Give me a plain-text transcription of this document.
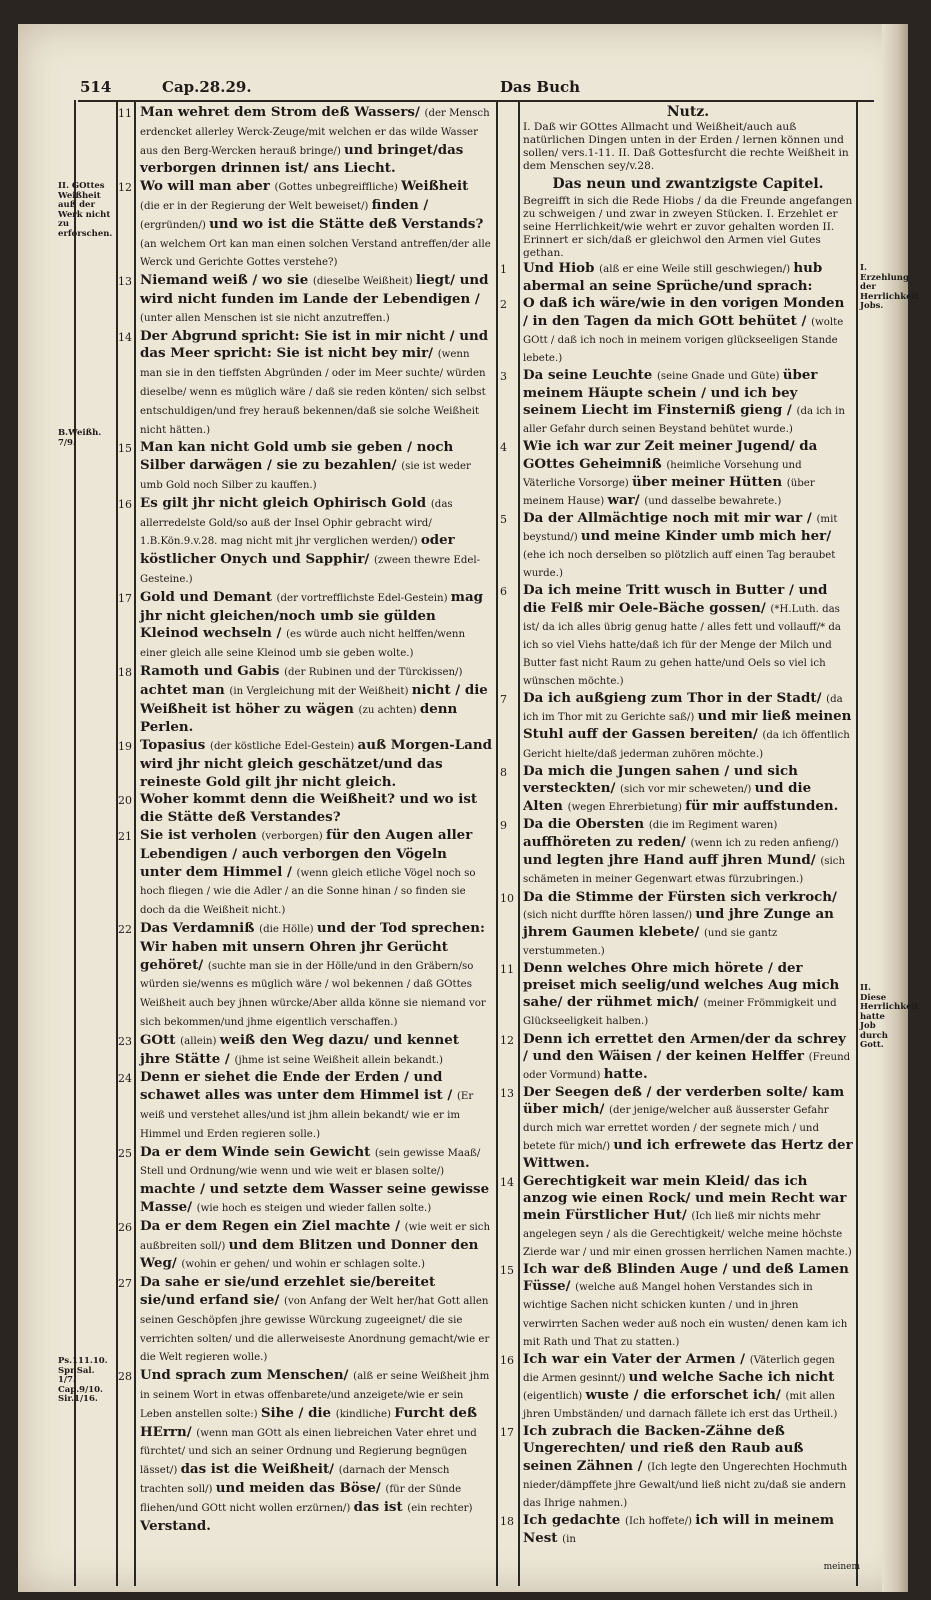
514	Cap.28.29.	Das Buch
II. GOttes Weißheit auß der Werk nicht zu erforschen.
B.Weißh. 7/9.
Ps.111.10. Spr.Sal. 1/7. Cap.9/10. Sir.1/16.
I. Erzehlung der Herrlichkeit Jobs.
II. Diese Herrlichkeit hatte Job durch Gott.
11
12
13
14
15
16
17
18
19
20
21
22
23
24
25
26
27
28
1
2
3
4
5
6
7
8
9
10
11
12
13
14
15
16
17
18

Man wehret dem Strom deß Wassers/ (der Mensch erdencket allerley Werck-Zeuge/mit welchen er das wilde Wasser aus den Berg-Wercken herauß bringe/) und bringet/das verborgen drinnen ist/ ans Liecht.

Wo will man aber (Gottes unbegreiffliche) Weißheit (die er in der Regierung der Welt beweiset/) finden / (ergründen/) und wo ist die Stätte deß Verstands? (an welchem Ort kan man einen solchen Verstand antreffen/der alle Werck und Gerichte Gottes verstehe?)

Niemand weiß / wo sie (dieselbe Weißheit) liegt/ und wird nicht funden im Lande der Lebendigen / (unter allen Menschen ist sie nicht anzutreffen.)

Der Abgrund spricht: Sie ist in mir nicht / und das Meer spricht: Sie ist nicht bey mir/ (wenn man sie in den tieffsten Abgründen / oder im Meer suchte/ würden dieselbe/ wenn es müglich wäre / daß sie reden könten/ sich selbst entschuldigen/und frey herauß bekennen/daß sie solche Weißheit nicht hätten.)

Man kan nicht Gold umb sie geben / noch Silber darwägen / sie zu bezahlen/ (sie ist weder umb Gold noch Silber zu kauffen.)

Es gilt jhr nicht gleich Ophirisch Gold (das allerredelste Gold/so auß der Insel Ophir gebracht wird/ 1.B.Kön.9.v.28. mag nicht mit jhr verglichen werden/) oder köstlicher Onych und Sapphir/ (zween thewre Edel-Gesteine.)

Gold und Demant (der vortrefflichste Edel-Gestein) mag jhr nicht gleichen/noch umb sie gülden Kleinod wechseln / (es würde auch nicht helffen/wenn einer gleich alle seine Kleinod umb sie geben wolte.)

Ramoth und Gabis (der Rubinen und der Türckissen/) achtet man (in Vergleichung mit der Weißheit) nicht / die Weißheit ist höher zu wägen (zu achten) denn Perlen.

Topasius (der köstliche Edel-Gestein) auß Morgen-Land wird jhr nicht gleich geschätzet/und das reineste Gold gilt jhr nicht gleich.

Woher kommt denn die Weißheit? und wo ist die Stätte deß Verstandes?

Sie ist verholen (verborgen) für den Augen aller Lebendigen / auch verborgen den Vögeln unter dem Himmel / (wenn gleich etliche Vögel noch so hoch fliegen / wie die Adler / an die Sonne hinan / so finden sie doch da die Weißheit nicht.)

Das Verdamniß (die Hölle) und der Tod sprechen: Wir haben mit unsern Ohren jhr Gerücht gehöret/ (suchte man sie in der Hölle/und in den Gräbern/so würden sie/wenns es müglich wäre / wol bekennen / daß GOttes Weißheit auch bey jhnen würcke/Aber allda könne sie niemand vor sich bekommen/und jhme eigentlich verschaffen.)

GOtt (allein) weiß den Weg dazu/ und kennet jhre Stätte / (jhme ist seine Weißheit allein bekandt.)

Denn er siehet die Ende der Erden / und schawet alles was unter dem Himmel ist / (Er weiß und verstehet alles/und ist jhm allein bekandt/ wie er im Himmel und Erden regieren solle.)

Da er dem Winde sein Gewicht (sein gewisse Maaß/ Stell und Ordnung/wie wenn und wie weit er blasen solte/) machte / und setzte dem Wasser seine gewisse Masse/ (wie hoch es steigen und wieder fallen solte.)

Da er dem Regen ein Ziel machte / (wie weit er sich außbreiten soll/) und dem Blitzen und Donner den Weg/ (wohin er gehen/ und wohin er schlagen solte.)

Da sahe er sie/und erzehlet sie/bereitet sie/und erfand sie/ (von Anfang der Welt her/hat Gott allen seinen Geschöpfen jhre gewisse Würckung zugeeignet/ die sie verrichten solten/ und die allerweiseste Anordnung gemacht/wie er die Welt regieren wolle.)

Und sprach zum Menschen/ (alß er seine Weißheit jhm in seinem Wort in etwas offenbarete/und anzeigete/wie er sein Leben anstellen solte:) Sihe / die (kindliche) Furcht deß HErrn/ (wenn man GOtt als einen liebreichen Vater ehret und fürchtet/ und sich an seiner Ordnung und Regierung begnügen lässet/) das ist die Weißheit/ (darnach der Mensch trachten soll/) und meiden das Böse/ (für der Sünde fliehen/und GOtt nicht wollen erzürnen/) das ist (ein rechter) Verstand.

Nutz.

I. Daß wir GOttes Allmacht und Weißheit/auch auß natürlichen Dingen unten in der Erden / lernen können und sollen/ vers.1-11. II. Daß Gottesfurcht die rechte Weißheit in dem Menschen sey/v.28.

Das neun und zwantzigste Capitel.

Begreifft in sich die Rede Hiobs / da die Freunde angefangen zu schweigen / und zwar in zweyen Stücken. I. Erzehlet er seine Herrlichkeit/wie wehrt er zuvor gehalten worden II. Erinnert er sich/daß er gleichwol den Armen viel Gutes gethan.

Und Hiob (alß er eine Weile still geschwiegen/) hub abermal an seine Sprüche/und sprach:

O daß ich wäre/wie in den vorigen Monden / in den Tagen da mich GOtt behütet / (wolte GOtt / daß ich noch in meinem vorigen glückseeligen Stande lebete.)

Da seine Leuchte (seine Gnade und Güte) über meinem Häupte schein / und ich bey seinem Liecht im Finsterniß gieng / (da ich in aller Gefahr durch seinen Beystand behütet wurde.)

Wie ich war zur Zeit meiner Jugend/ da GOttes Geheimniß (heimliche Vorsehung und Väterliche Vorsorge) über meiner Hütten (über meinem Hause) war/ (und dasselbe bewahrete.)

Da der Allmächtige noch mit mir war / (mit beystund/) und meine Kinder umb mich her/ (ehe ich noch derselben so plötzlich auff einen Tag beraubet wurde.)

Da ich meine Tritt wusch in Butter / und die Felß mir Oele-Bäche gossen/ (*H.Luth. das ist/ da ich alles übrig genug hatte / alles fett und vollauff/* da ich so viel Viehs hatte/daß ich für der Menge der Milch und Butter fast nicht Raum zu gehen hatte/und Oels so viel ich wünschen möchte.)

Da ich außgieng zum Thor in der Stadt/ (da ich im Thor mit zu Gerichte saß/) und mir ließ meinen Stuhl auff der Gassen bereiten/ (da ich öffentlich Gericht hielte/daß jederman zuhören möchte.)

Da mich die Jungen sahen / und sich versteckten/ (sich vor mir scheweten/) und die Alten (wegen Ehrerbietung) für mir auffstunden.

Da die Obersten (die im Regiment waren) auffhöreten zu reden/ (wenn ich zu reden anfieng/) und legten jhre Hand auff jhren Mund/ (sich schämeten in meiner Gegenwart etwas fürzubringen.)

Da die Stimme der Fürsten sich verkroch/ (sich nicht durffte hören lassen/) und jhre Zunge an jhrem Gaumen klebete/ (und sie gantz verstummeten.)

Denn welches Ohre mich hörete / der preiset mich seelig/und welches Aug mich sahe/ der rühmet mich/ (meiner Frömmigkeit und Glückseeligkeit halben.)

Denn ich errettet den Armen/der da schrey / und den Wäisen / der keinen Helffer (Freund oder Vormund) hatte.

Der Seegen deß / der verderben solte/ kam über mich/ (der jenige/welcher auß äusserster Gefahr durch mich war errettet worden / der segnete mich / und betete für mich/) und ich erfrewete das Hertz der Wittwen.

Gerechtigkeit war mein Kleid/ das ich anzog wie einen Rock/ und mein Recht war mein Fürstlicher Hut/ (Ich ließ mir nichts mehr angelegen seyn / als die Gerechtigkeit/ welche meine höchste Zierde war / und mir einen grossen herrlichen Namen machte.)

Ich war deß Blinden Auge / und deß Lamen Füsse/ (welche auß Mangel hohen Verstandes sich in wichtige Sachen nicht schicken kunten / und in jhren verwirrten Sachen weder auß noch ein wusten/ denen kam ich mit Rath und That zu statten.)

Ich war ein Vater der Armen / (Väterlich gegen die Armen gesinnt/) und welche Sache ich nicht (eigentlich) wuste / die erforschet ich/ (mit allen jhren Umbständen/ und darnach fällete ich erst das Urtheil.)

Ich zubrach die Backen-Zähne deß Ungerechten/ und rieß den Raub auß seinen Zähnen / (Ich legte den Ungerechten Hochmuth nieder/dämpffete jhre Gewalt/und ließ nicht zu/daß sie andern das Ihrige nahmen.)

Ich gedachte (Ich hoffete/) ich will in meinem Nest (in

meinem
